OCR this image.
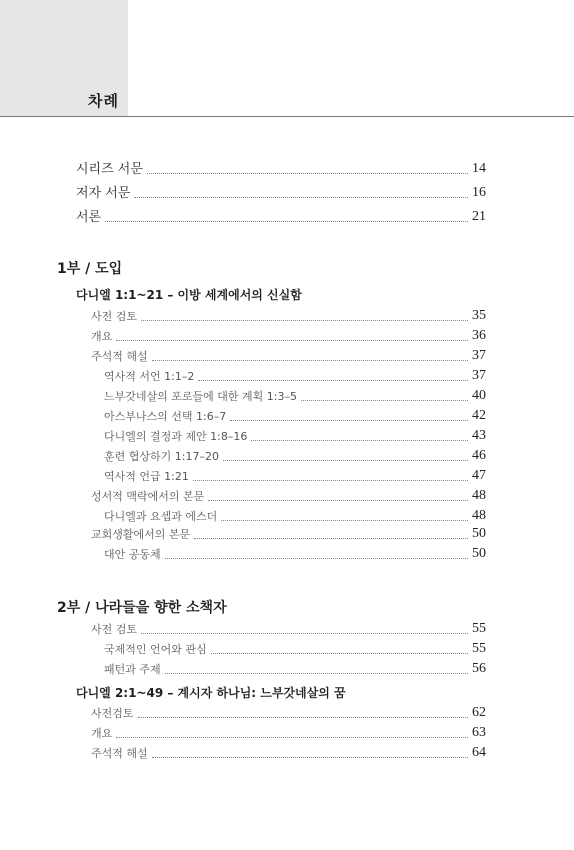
차례
시리즈 서문	14
저자 서문	16
서론	21
1부 / 도입
다니엘 1:1~21 – 이방 세계에서의 신실함
사전 검토	35
개요	36
주석적 해설	37
역사적 서언 1:1–2	37
느부갓네살의 포로들에 대한 계획 1:3–5	40
아스부나스의 선택 1:6–7	42
다니엘의 결정과 제안 1:8–16	43
훈련 협상하기 1:17–20	46
역사적 언급 1:21	47
성서적 맥락에서의 본문	48
다니엘과 요셉과 에스더	48
교회생활에서의 본문	50
대안 공동체	50
2부 / 나라들을 향한 소책자
사전 검토	55
국제적인 언어와 관심	55
패턴과 주제	56
다니엘 2:1~49 – 계시자 하나님: 느부갓네살의 꿈
사전검토	62
개요	63
주석적 해설	64
